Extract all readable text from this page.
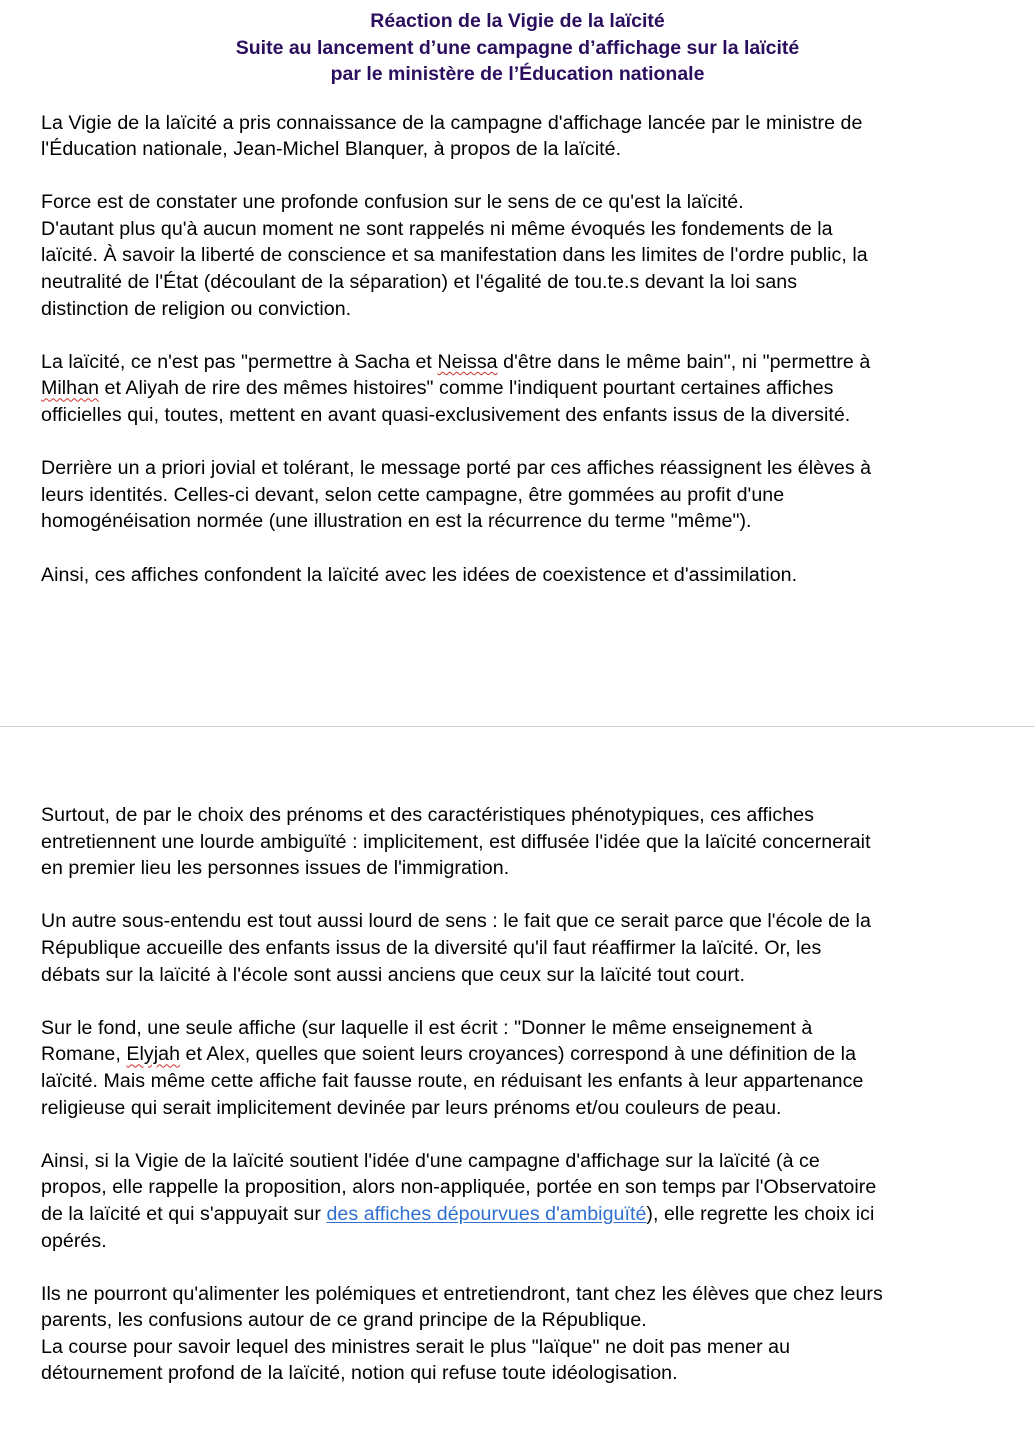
Réaction de la Vigie de la laïcité
Suite au lancement d’une campagne d’affichage sur la laïcité
par le ministère de l’Éducation nationale

La Vigie de la laïcité a pris connaissance de la campagne d'affichage lancée par le ministre de
l'Éducation nationale, Jean-Michel Blanquer, à propos de la laïcité.

Force est de constater une profonde confusion sur le sens de ce qu'est la laïcité.
D'autant plus qu'à aucun moment ne sont rappelés ni même évoqués les fondements de la
laïcité. À savoir la liberté de conscience et sa manifestation dans les limites de l'ordre public, la
neutralité de l'État (découlant de la séparation) et l'égalité de tou.te.s devant la loi sans
distinction de religion ou conviction.

La laïcité, ce n'est pas "permettre à Sacha et Neissa d'être dans le même bain", ni "permettre à
Milhan et Aliyah de rire des mêmes histoires" comme l'indiquent pourtant certaines affiches
officielles qui, toutes, mettent en avant quasi-exclusivement des enfants issus de la diversité.

Derrière un a priori jovial et tolérant, le message porté par ces affiches réassignent les élèves à
leurs identités. Celles-ci devant, selon cette campagne, être gommées au profit d'une
homogénéisation normée (une illustration en est la récurrence du terme "même").

Ainsi, ces affiches confondent la laïcité avec les idées de coexistence et d'assimilation.

Surtout, de par le choix des prénoms et des caractéristiques phénotypiques, ces affiches
entretiennent une lourde ambiguïté : implicitement, est diffusée l'idée que la laïcité concernerait
en premier lieu les personnes issues de l'immigration.

Un autre sous-entendu est tout aussi lourd de sens : le fait que ce serait parce que l'école de la
République accueille des enfants issus de la diversité qu'il faut réaffirmer la laïcité. Or, les
débats sur la laïcité à l'école sont aussi anciens que ceux sur la laïcité tout court.

Sur le fond, une seule affiche (sur laquelle il est écrit : "Donner le même enseignement à
Romane, Elyjah et Alex, quelles que soient leurs croyances) correspond à une définition de la
laïcité. Mais même cette affiche fait fausse route, en réduisant les enfants à leur appartenance
religieuse qui serait implicitement devinée par leurs prénoms et/ou couleurs de peau.

Ainsi, si la Vigie de la laïcité soutient l'idée d'une campagne d'affichage sur la laïcité (à ce
propos, elle rappelle la proposition, alors non-appliquée, portée en son temps par l'Observatoire
de la laïcité et qui s'appuyait sur des affiches dépourvues d'ambiguïté), elle regrette les choix ici
opérés.

Ils ne pourront qu'alimenter les polémiques et entretiendront, tant chez les élèves que chez leurs
parents, les confusions autour de ce grand principe de la République.
La course pour savoir lequel des ministres serait le plus "laïque" ne doit pas mener au
détournement profond de la laïcité, notion qui refuse toute idéologisation.
